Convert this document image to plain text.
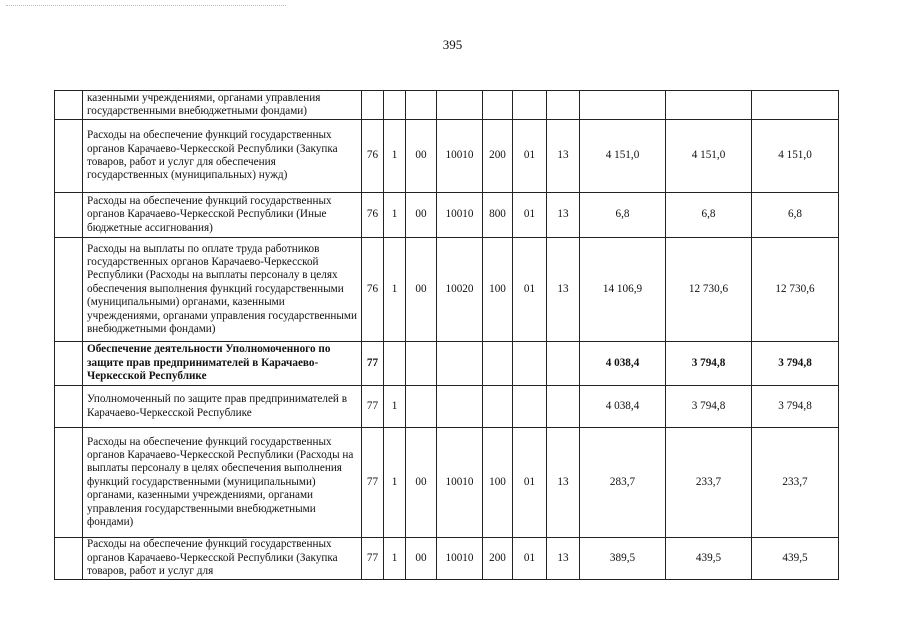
395
	казенными учреждениями, органами управления государственными внебюджетными фондами)										
	Расходы на обеспечение функций государственных органов Карачаево-Черкесской Республики (Закупка товаров, работ и услуг для обеспечения государственных (муниципальных) нужд)	76	1	00	10010	200	01	13	4 151,0	4 151,0	4 151,0
	Расходы на обеспечение функций государственных органов Карачаево-Черкесской Республики (Иные бюджетные ассигнования)	76	1	00	10010	800	01	13	6,8	6,8	6,8
	Расходы на выплаты по оплате труда работников государственных органов Карачаево-Черкесской Республики (Расходы на выплаты персоналу в целях обеспечения выполнения функций государственными (муниципальными) органами, казенными учреждениями, органами управления государственными внебюджетными фондами)	76	1	00	10020	100	01	13	14 106,9	12 730,6	12 730,6
	Обеспечение деятельности Уполномоченного по защите прав предпринимателей в Карачаево-Черкесской Республике	77							4 038,4	3 794,8	3 794,8
	Уполномоченный по защите прав предпринимателей в Карачаево-Черкесской Республике	77	1						4 038,4	3 794,8	3 794,8
	Расходы на обеспечение функций государственных органов Карачаево-Черкесской Республики (Расходы на выплаты персоналу в целях обеспечения выполнения функций государственными (муниципальными) органами, казенными учреждениями, органами управления государственными внебюджетными фондами)	77	1	00	10010	100	01	13	283,7	233,7	233,7
	Расходы на обеспечение функций государственных органов Карачаево-Черкесской Республики (Закупка товаров, работ и услуг для	77	1	00	10010	200	01	13	389,5	439,5	439,5
